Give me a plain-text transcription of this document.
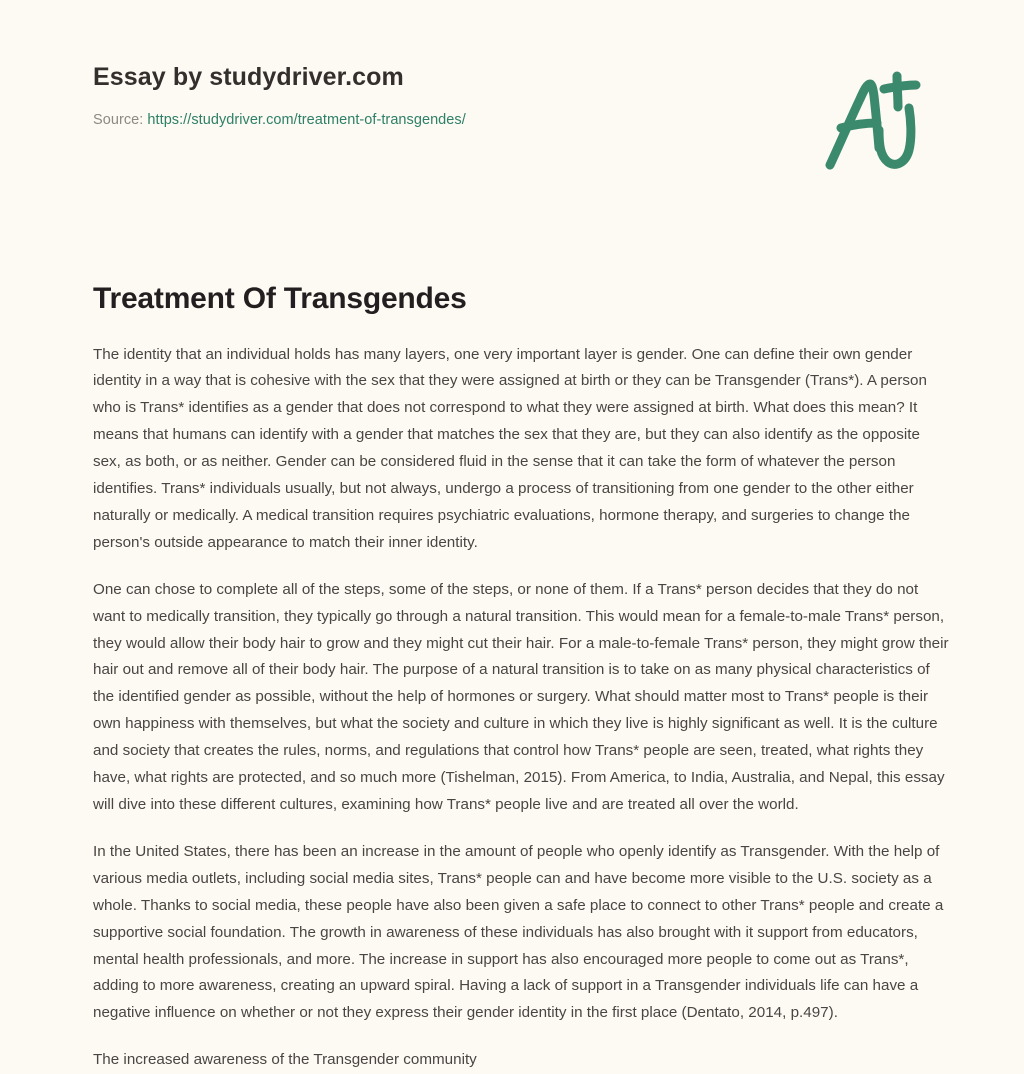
Essay by studydriver.com
Source: https://studydriver.com/treatment-of-transgendes/
Treatment Of Transgendes

The identity that an individual holds has many layers, one very important layer is gender. One can define their own gender identity in a way that is cohesive with the sex that they were assigned at birth or they can be Transgender (Trans*). A person who is Trans* identifies as a gender that does not correspond to what they were assigned at birth. What does this mean? It means that humans can identify with a gender that matches the sex that they are, but they can also identify as the opposite sex, as both, or as neither. Gender can be considered fluid in the sense that it can take the form of whatever the person identifies. Trans* individuals usually, but not always, undergo a process of transitioning from one gender to the other either naturally or medically. A medical transition requires psychiatric evaluations, hormone therapy, and surgeries to change the person's outside appearance to match their inner identity.

One can chose to complete all of the steps, some of the steps, or none of them. If a Trans* person decides that they do not want to medically transition, they typically go through a natural transition. This would mean for a female-to-male Trans* person, they would allow their body hair to grow and they might cut their hair. For a male-to-female Trans* person, they might grow their hair out and remove all of their body hair. The purpose of a natural transition is to take on as many physical characteristics of the identified gender as possible, without the help of hormones or surgery. What should matter most to Trans* people is their own happiness with themselves, but what the society and culture in which they live is highly significant as well. It is the culture and society that creates the rules, norms, and regulations that control how Trans* people are seen, treated, what rights they have, what rights are protected, and so much more (Tishelman, 2015). From America, to India, Australia, and Nepal, this essay will dive into these different cultures, examining how Trans* people live and are treated all over the world.

In the United States, there has been an increase in the amount of people who openly identify as Transgender. With the help of various media outlets, including social media sites, Trans* people can and have become more visible to the U.S. society as a whole. Thanks to social media, these people have also been given a safe place to connect to other Trans* people and create a supportive social foundation. The growth in awareness of these individuals has also brought with it support from educators, mental health professionals, and more. The increase in support has also encouraged more people to come out as Trans*, adding to more awareness, creating an upward spiral. Having a lack of support in a Transgender individuals life can have a negative influence on whether or not they express their gender identity in the first place (Dentato, 2014, p.497).

The increased awareness of the Transgender community
